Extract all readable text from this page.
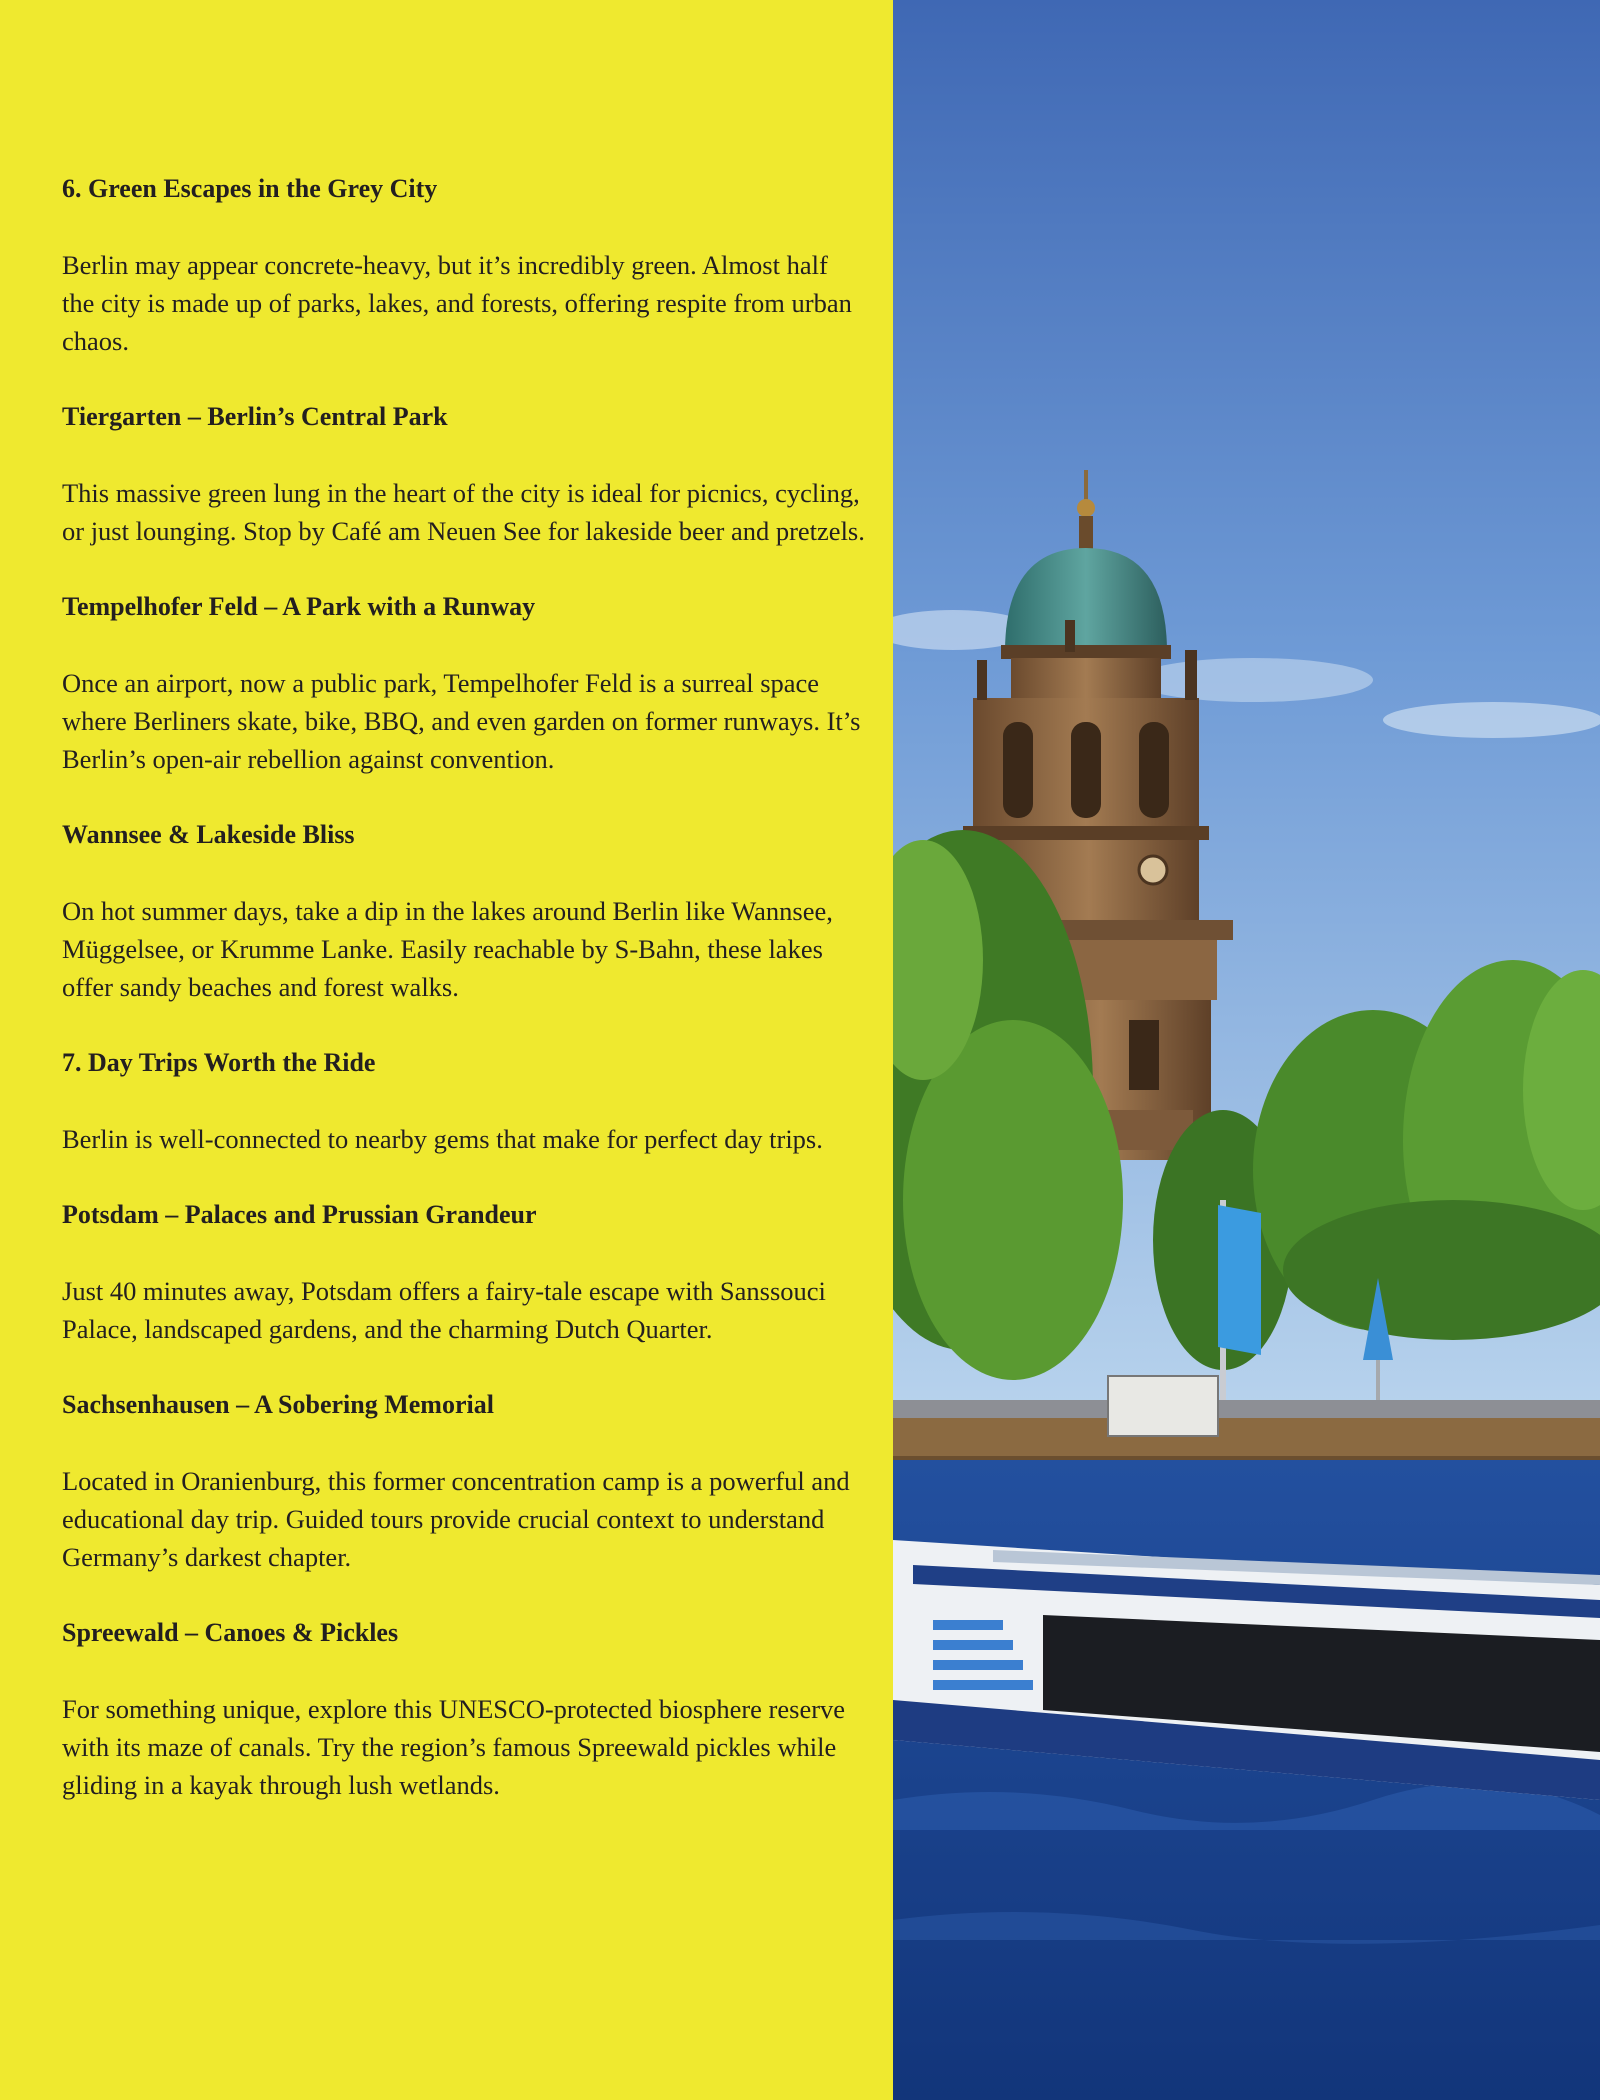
6. Green Escapes in the Grey City

Berlin may appear concrete-heavy, but it’s incredibly green. Almost half the city is made up of parks, lakes, and forests, offering respite from urban chaos.

Tiergarten – Berlin’s Central Park

This massive green lung in the heart of the city is ideal for picnics, cycling, or just lounging. Stop by Café am Neuen See for lakeside beer and pretzels.

Tempelhofer Feld – A Park with a Runway

Once an airport, now a public park, Tempelhofer Feld is a surreal space where Berliners skate, bike, BBQ, and even garden on former runways. It’s Berlin’s open-air rebellion against convention.

Wannsee & Lakeside Bliss

On hot summer days, take a dip in the lakes around Berlin like Wannsee, Müggelsee, or Krumme Lanke. Easily reachable by S-Bahn, these lakes offer sandy beaches and forest walks.

7. Day Trips Worth the Ride

Berlin is well-connected to nearby gems that make for perfect day trips.

Potsdam – Palaces and Prussian Grandeur

Just 40 minutes away, Potsdam offers a fairy-tale escape with Sanssouci Palace, landscaped gardens, and the charming Dutch Quarter.

Sachsenhausen – A Sobering Memorial

Located in Oranienburg, this former concentration camp is a powerful and educational day trip. Guided tours provide crucial context to understand Germany’s darkest chapter.

Spreewald – Canoes & Pickles

For something unique, explore this UNESCO-protected biosphere reserve with its maze of canals. Try the region’s famous Spreewald pickles while gliding in a kayak through lush wetlands.
